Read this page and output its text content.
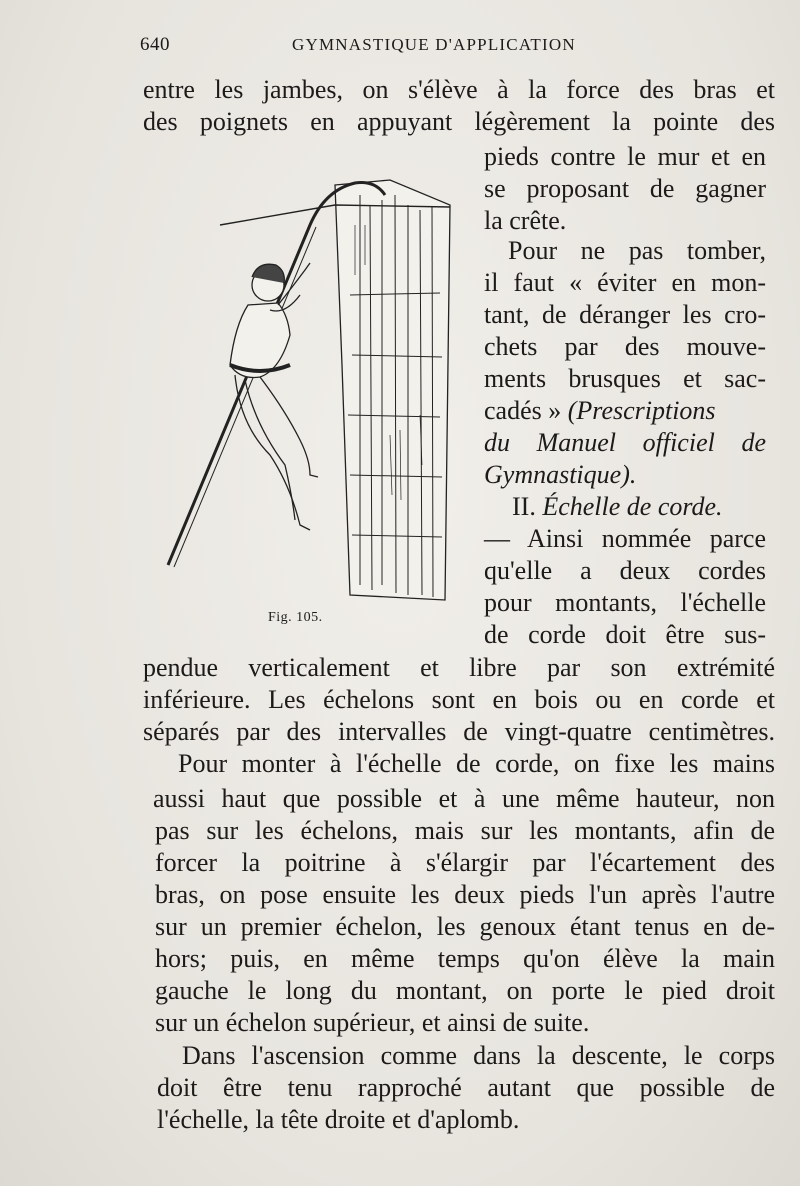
640	GYMNASTIQUE D'APPLICATION
entre les jambes, on s'élève à la force des bras et
des poignets en appuyant légèrement la pointe des
pieds contre le mur et en
se proposant de gagner
la crête.
Pour ne pas tomber,
il faut « éviter en mon-
tant, de déranger les cro-
chets par des mouve-
ments brusques et sac-
cadés » (Prescriptions
du Manuel officiel de
Gymnastique).
II. Échelle de corde.
— Ainsi nommée parce
qu'elle a deux cordes
pour montants, l'échelle
de corde doit être sus-
Fig. 105.
pendue verticalement et libre par son extrémité
inférieure. Les échelons sont en bois ou en corde et
séparés par des intervalles de vingt-quatre centimètres.
Pour monter à l'échelle de corde, on fixe les mains
aussi haut que possible et à une même hauteur, non
pas sur les échelons, mais sur les montants, afin de
forcer la poitrine à s'élargir par l'écartement des
bras, on pose ensuite les deux pieds l'un après l'autre
sur un premier échelon, les genoux étant tenus en de-
hors; puis, en même temps qu'on élève la main
gauche le long du montant, on porte le pied droit
sur un échelon supérieur, et ainsi de suite.
Dans l'ascension comme dans la descente, le corps
doit être tenu rapproché autant que possible de
l'échelle, la tête droite et d'aplomb.
